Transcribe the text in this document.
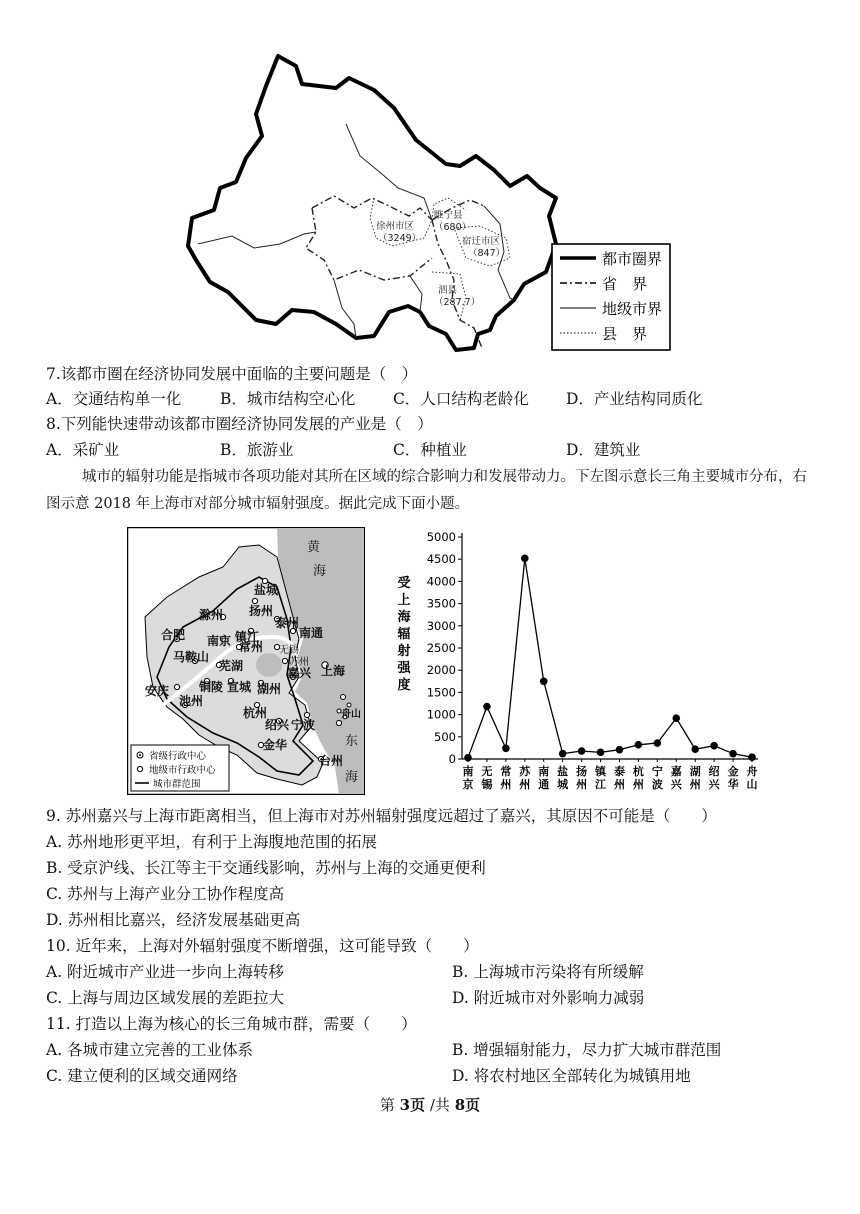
徐州市区
（3249）
睢宁县
（680）
宿迁市区
（847）
泗县
（287.7）
都市圈界
省　界
地级市界
县　界
7.该都市圈在经济协同发展中面临的主要问题是（　）
A．交通结构单一化	B．城市结构空心化 C．人口结构老龄化 D．产业结构同质化
8.下列能快速带动该都市圈经济协同发展的产业是（　）
A．采矿业	B．旅游业	C．种植业	D．建筑业
城市的辐射功能是指城市各项功能对其所在区域的综合影响力和发展带动力。下左图示意长三角主要城市分布，右图示意 2018 年上海市对部分城市辐射强度。据此完成下面小题。
盐城
扬州
滁州
泰州
南京 镇江	南通
合肥
常州 无锡
马鞍山
芜湖	苏州
上海
安庆 铜陵 宣城 湖州
嘉兴
池州
杭州
绍兴 宁波
舟山
金华
台州
黄
海
东
海
省级行政中心
地级市行政中心
城市群范围
受
上
海
辐
射
强
度
0
500
1000
1500
2000
2500
3000
3500
4000
4500
5000
南京
无锡
常州
苏州
南通
盐城
扬州
镇江
泰州
杭州
宁波
嘉兴
湖州
绍兴
金华
舟山
9. 苏州嘉兴与上海市距离相当，但上海市对苏州辐射强度远超过了嘉兴，其原因不可能是（　　）
A. 苏州地形更平坦，有利于上海腹地范围的拓展
B. 受京沪线、长江等主干交通线影响，苏州与上海的交通更便利
C. 苏州与上海产业分工协作程度高
D. 苏州相比嘉兴，经济发展基础更高
10. 近年来，上海对外辐射强度不断增强，这可能导致（　　）
A. 附近城市产业进一步向上海转移	B. 上海城市污染将有所缓解
C. 上海与周边区域发展的差距拉大	D. 附近城市对外影响力减弱
11. 打造以上海为核心的长三角城市群，需要（　　）
A. 各城市建立完善的工业体系	B. 增强辐射能力，尽力扩大城市群范围
C. 建立便利的区域交通网络	D. 将农村地区全部转化为城镇用地
第 3页 /共 8页
